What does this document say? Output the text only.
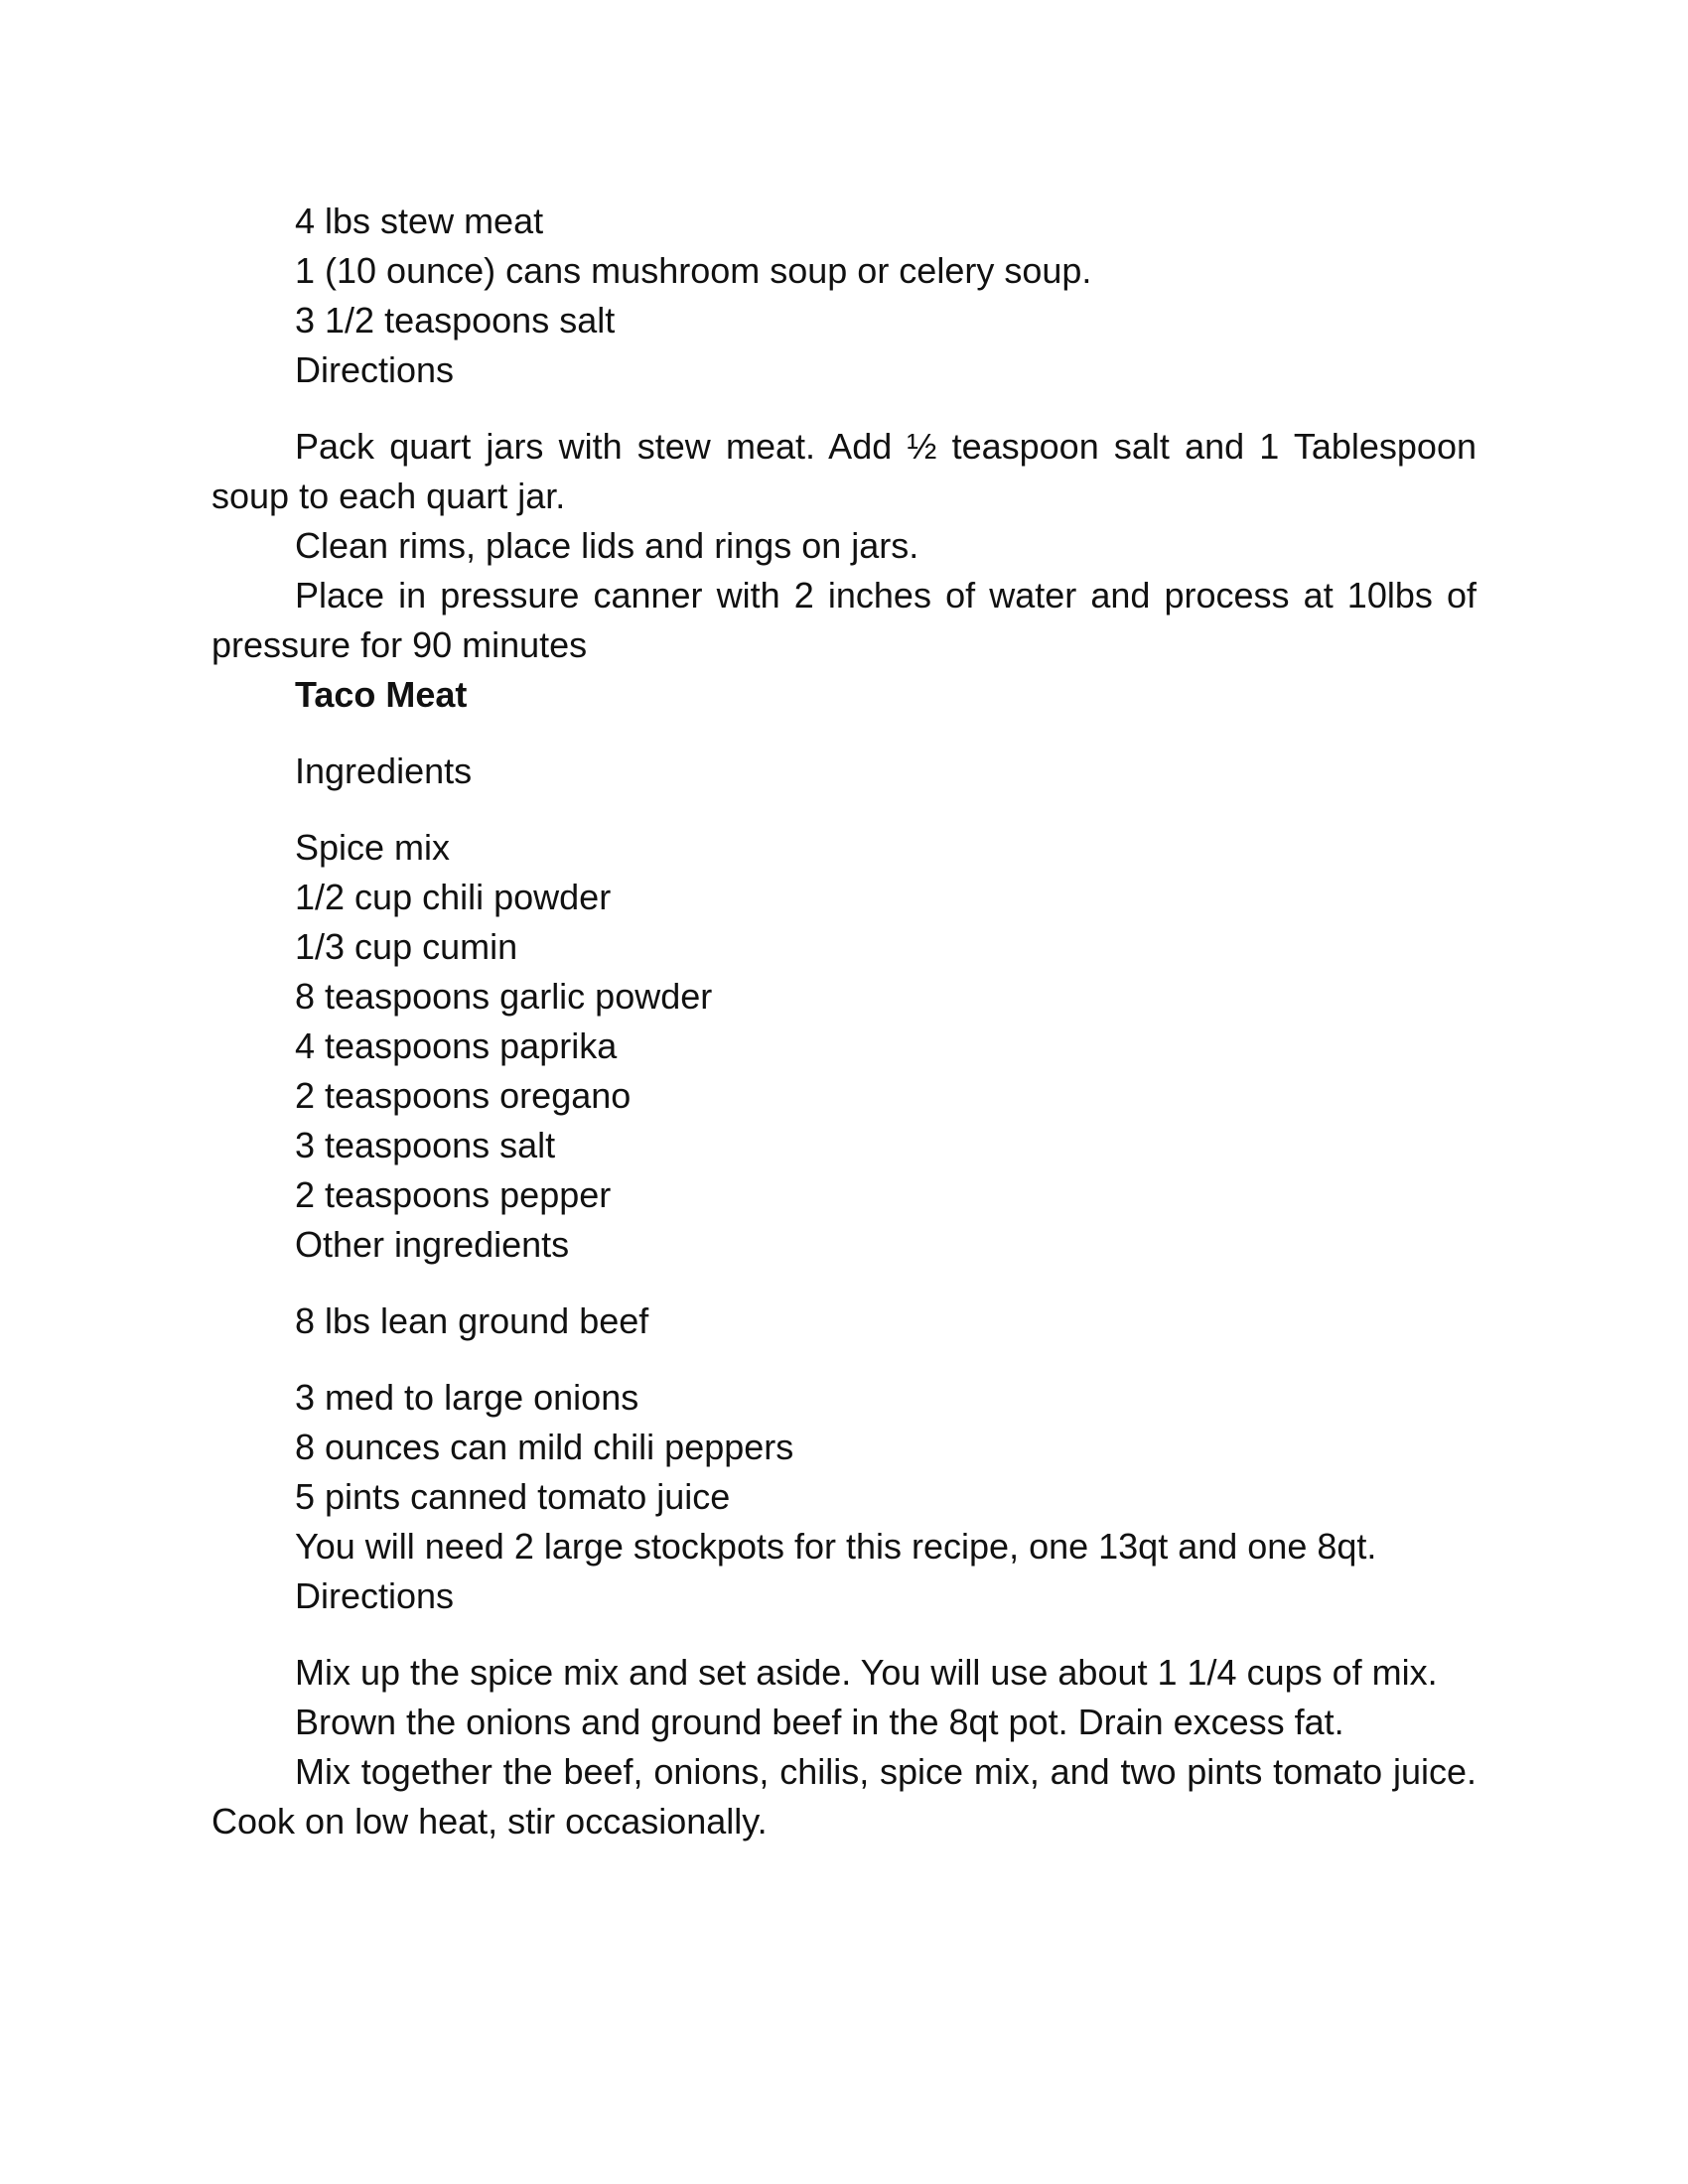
4 lbs stew meat

1 (10 ounce) cans mushroom soup or celery soup.

3 1/2 teaspoons salt

Directions

Pack quart jars with stew meat. Add ½ teaspoon salt and 1 Tablespoon soup to each quart jar.

Clean rims, place lids and rings on jars.

Place in pressure canner with 2 inches of water and process at 10lbs of pressure for 90 minutes

Taco Meat

Ingredients

Spice mix

1/2 cup chili powder

1/3 cup cumin

8 teaspoons garlic powder

4 teaspoons paprika

2 teaspoons oregano

3 teaspoons salt

2 teaspoons pepper

Other ingredients

8 lbs lean ground beef

3 med to large onions

8 ounces can mild chili peppers

5 pints canned tomato juice

You will need 2 large stockpots for this recipe, one 13qt and one 8qt.

Directions

Mix up the spice mix and set aside. You will use about 1 1/4 cups of mix.

Brown the onions and ground beef in the 8qt pot. Drain excess fat.

Mix together the beef, onions, chilis, spice mix, and two pints tomato juice. Cook on low heat, stir occasionally.
